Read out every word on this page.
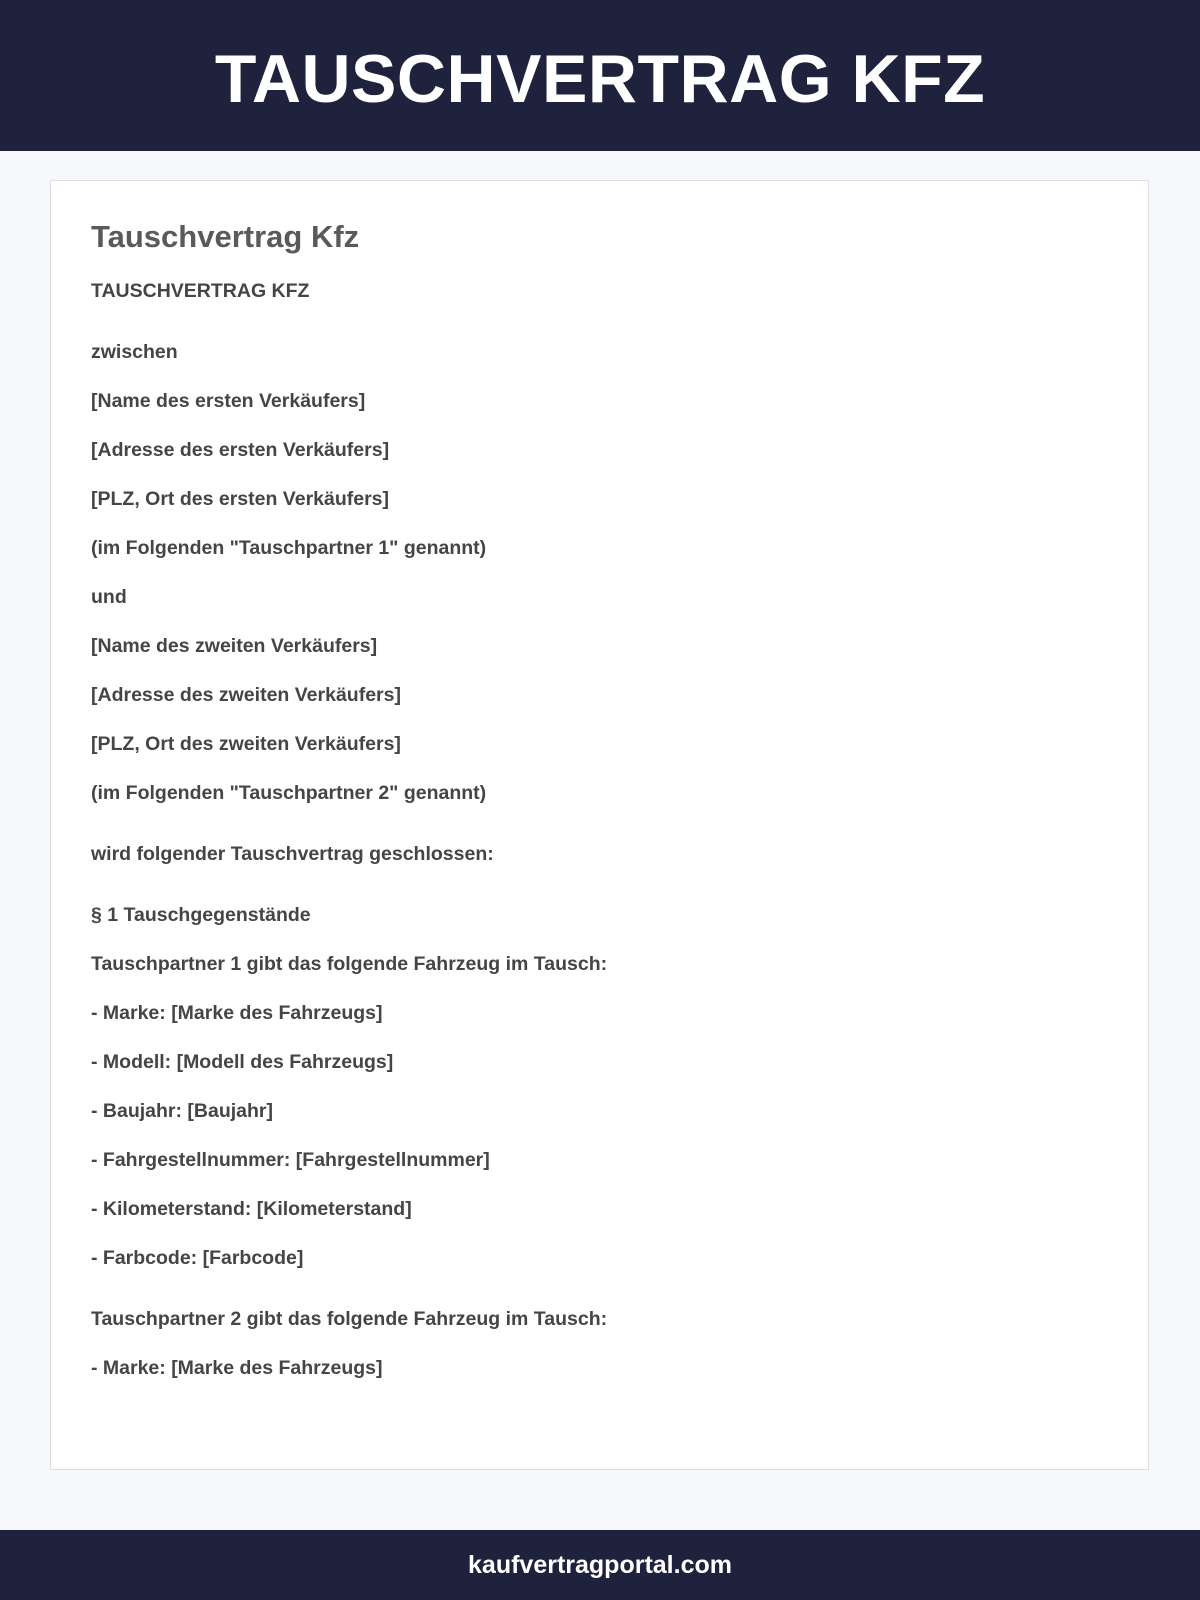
TAUSCHVERTRAG KFZ
Tauschvertrag Kfz

TAUSCHVERTRAG KFZ

zwischen

[Name des ersten Verkäufers]

[Adresse des ersten Verkäufers]

[PLZ, Ort des ersten Verkäufers]

(im Folgenden "Tauschpartner 1" genannt)

und

[Name des zweiten Verkäufers]

[Adresse des zweiten Verkäufers]

[PLZ, Ort des zweiten Verkäufers]

(im Folgenden "Tauschpartner 2" genannt)

wird folgender Tauschvertrag geschlossen:

§ 1 Tauschgegenstände

Tauschpartner 1 gibt das folgende Fahrzeug im Tausch:

- Marke: [Marke des Fahrzeugs]

- Modell: [Modell des Fahrzeugs]

- Baujahr: [Baujahr]

- Fahrgestellnummer: [Fahrgestellnummer]

- Kilometerstand: [Kilometerstand]

- Farbcode: [Farbcode]

Tauschpartner 2 gibt das folgende Fahrzeug im Tausch:

- Marke: [Marke des Fahrzeugs]

kaufvertragportal.com
